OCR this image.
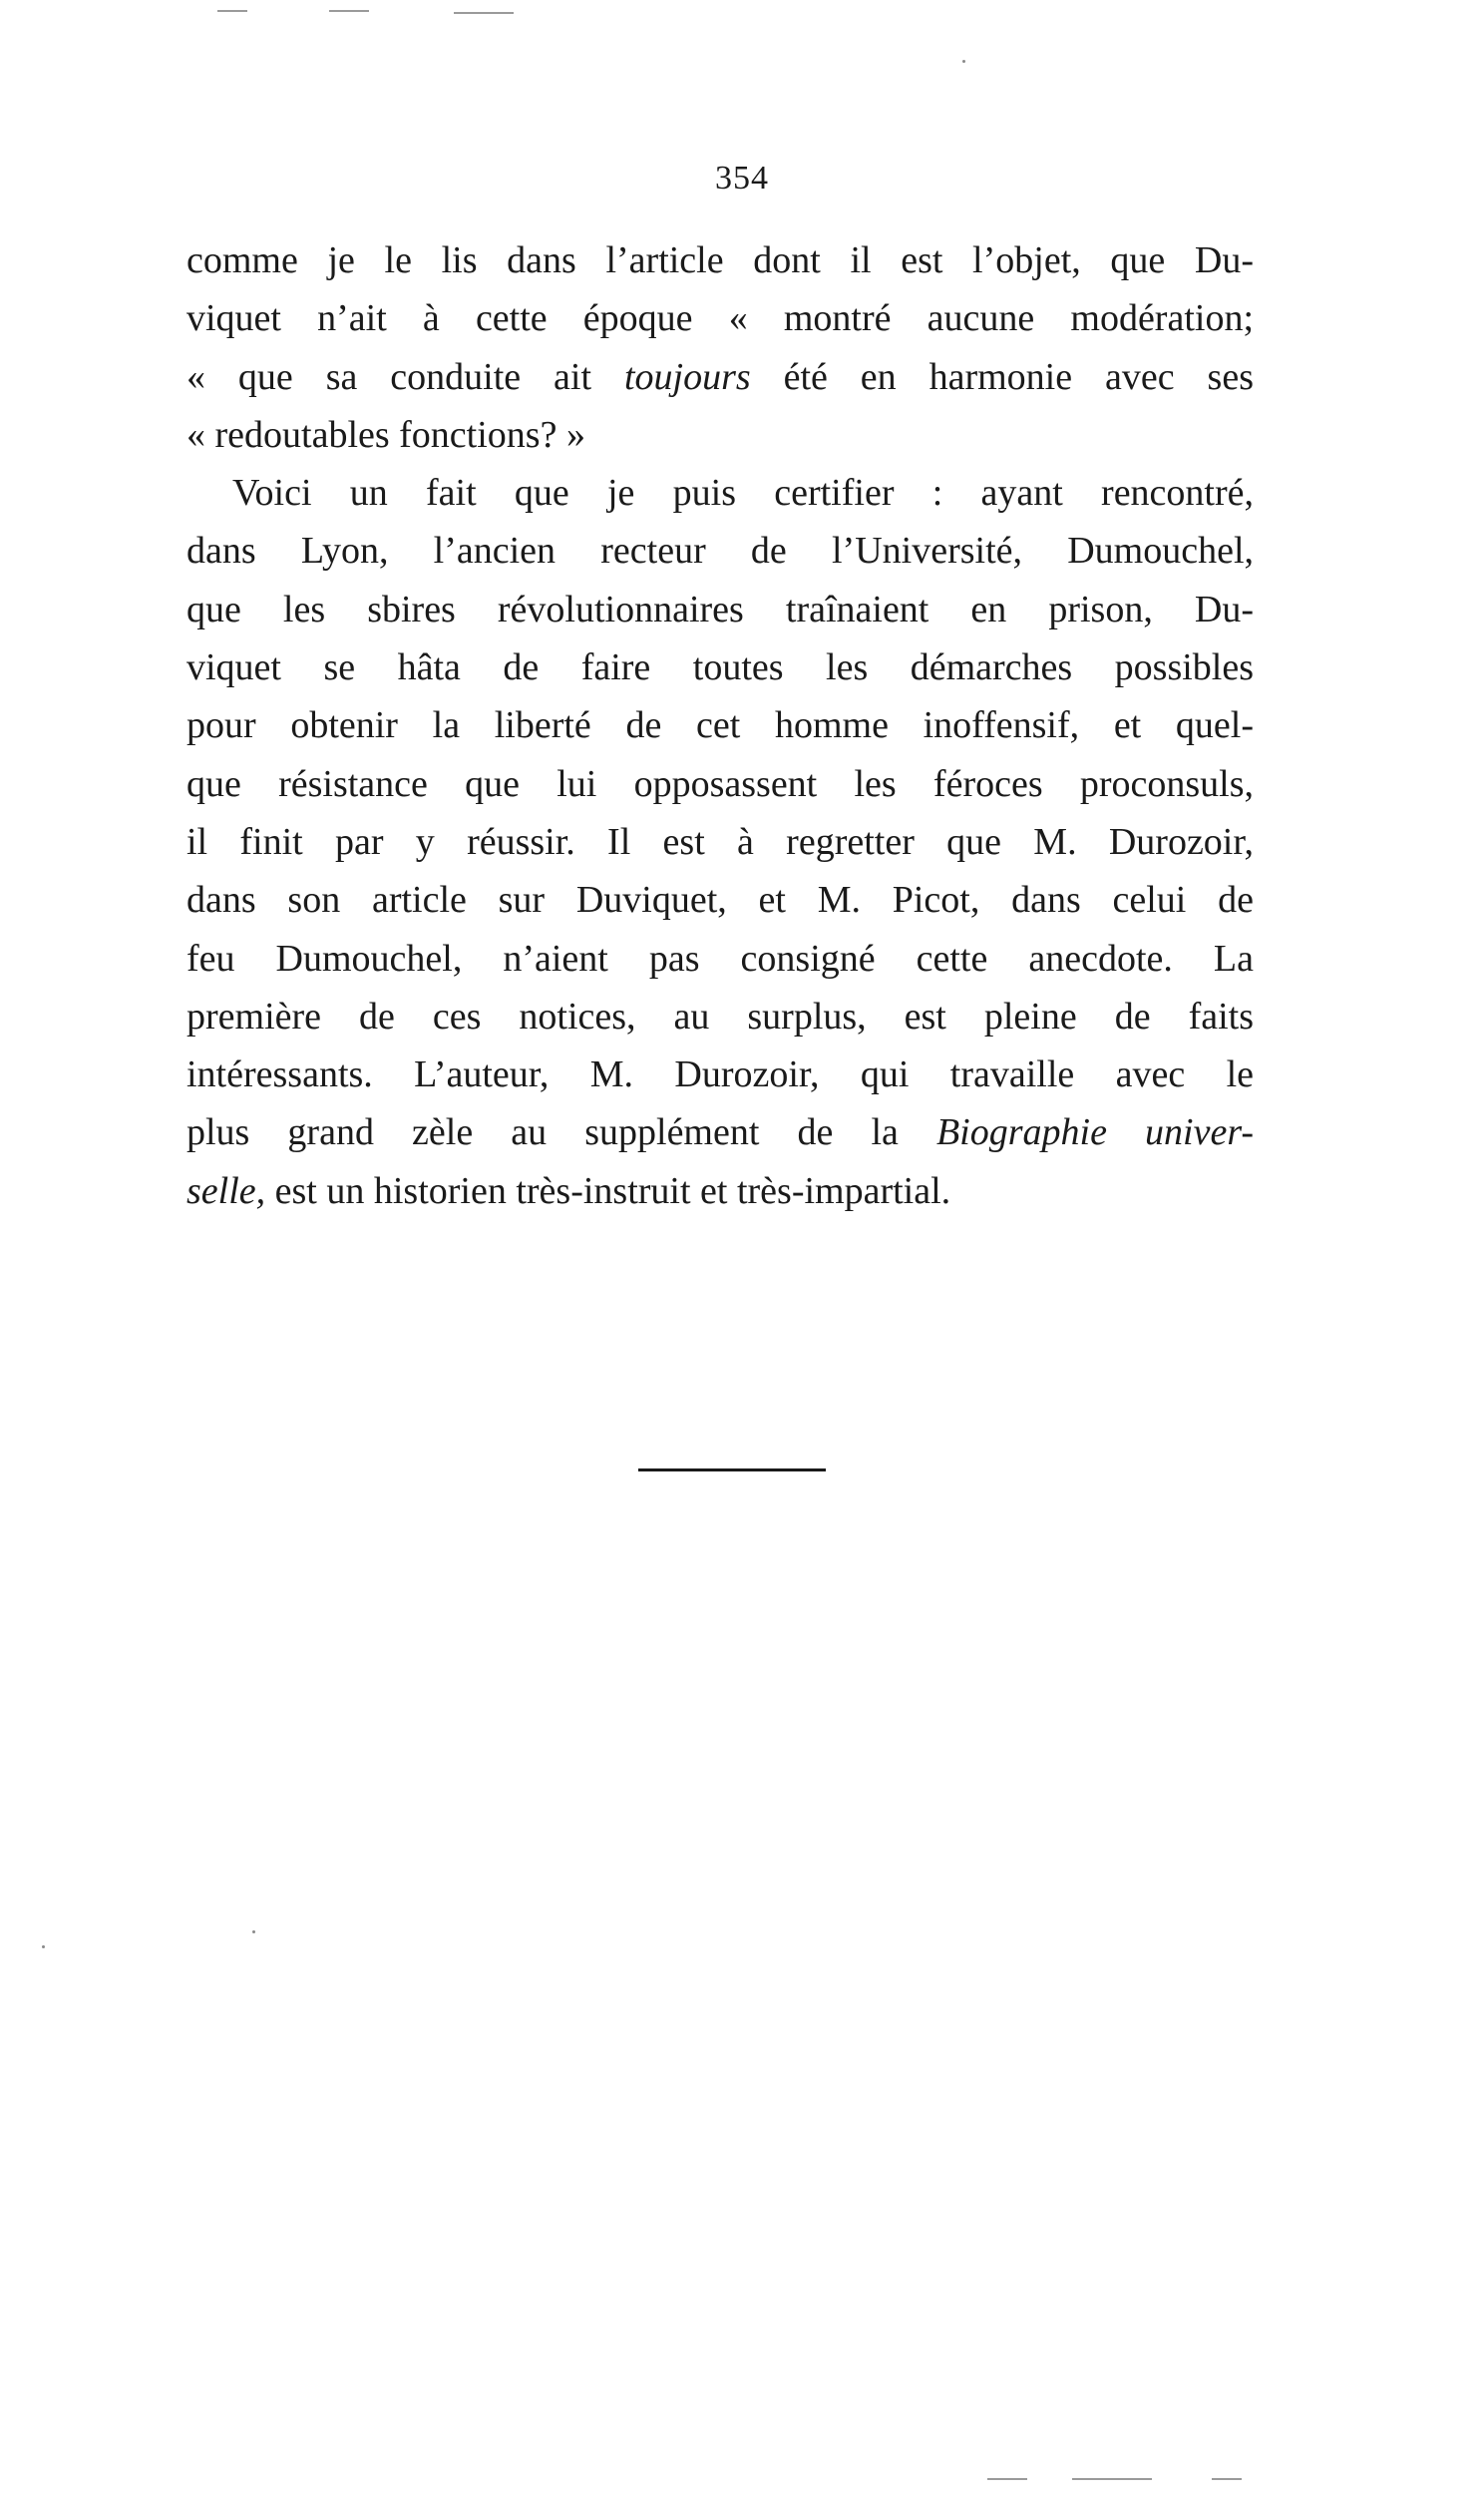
354
comme je le lis dans l’article dont il est l’objet, que Du-
viquet n’ait à cette époque « montré aucune modération;
« que sa conduite ait toujours été en harmonie avec ses
« redoutables fonctions? »
Voici un fait que je puis certifier : ayant rencontré,
dans Lyon, l’ancien recteur de l’Université, Dumouchel,
que les sbires révolutionnaires traînaient en prison, Du-
viquet se hâta de faire toutes les démarches possibles
pour obtenir la liberté de cet homme inoffensif, et quel-
que résistance que lui opposassent les féroces proconsuls,
il finit par y réussir. Il est à regretter que M. Durozoir,
dans son article sur Duviquet, et M. Picot, dans celui de
feu Dumouchel, n’aient pas consigné cette anecdote. La
première de ces notices, au surplus, est pleine de faits
intéressants. L’auteur, M. Durozoir, qui travaille avec le
plus grand zèle au supplément de la Biographie univer-
selle, est un historien très-instruit et très-impartial.
